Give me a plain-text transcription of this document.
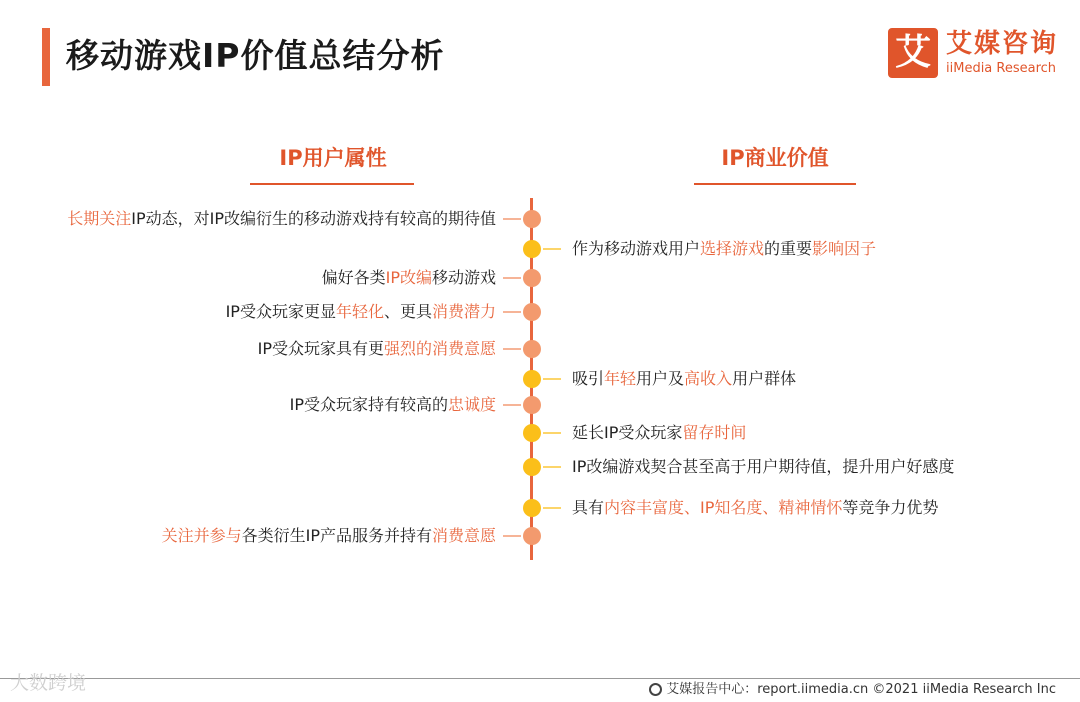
移动游戏IP价值总结分析	艾 艾媒咨询
iiMedia Research
IP用户属性	IP商业价值
长期关注IP动态，对IP改编衍生的移动游戏持有较高的期待值
作为移动游戏用户选择游戏的重要影响因子
偏好各类IP改编移动游戏
IP受众玩家更显年轻化、更具消费潜力
IP受众玩家具有更强烈的消费意愿
吸引年轻用户及高收入用户群体
IP受众玩家持有较高的忠诚度
延长IP受众玩家留存时间
IP改编游戏契合甚至高于用户期待值，提升用户好感度
具有内容丰富度、IP知名度、精神情怀等竞争力优势
关注并参与各类衍生IP产品服务并持有消费意愿
大数跨境	艾媒报告中心：report.iimedia.cn ©2021 iiMedia Research Inc
